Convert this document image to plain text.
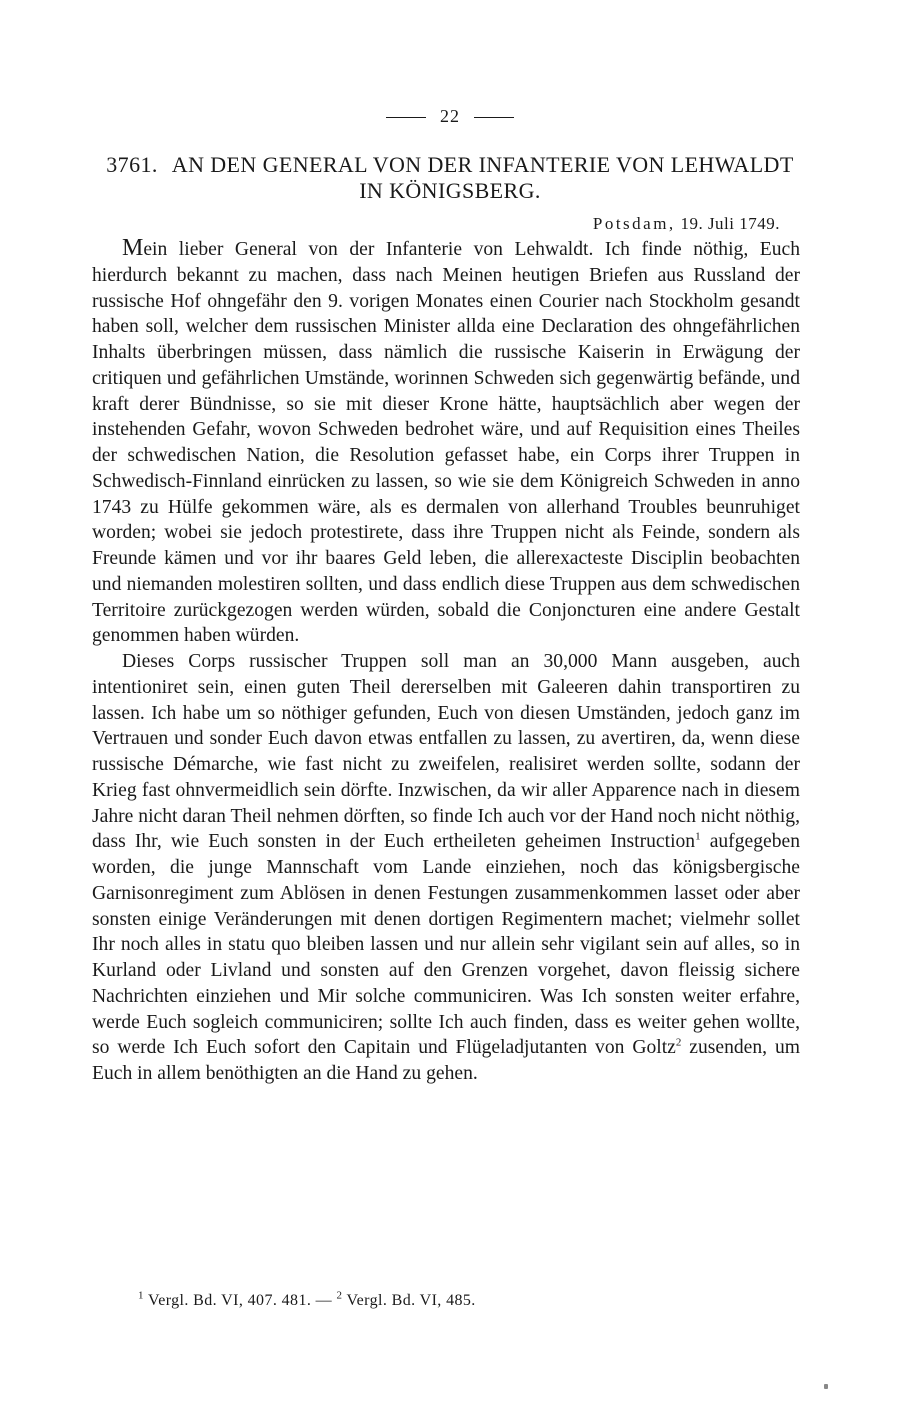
22
3761. AN DEN GENERAL VON DER INFANTERIE VON LEHWALDT IN KÖNIGSBERG.
Potsdam, 19. Juli 1749.

Mein lieber General von der Infanterie von Lehwaldt. Ich finde nöthig, Euch hierdurch bekannt zu machen, dass nach Meinen heutigen Briefen aus Russland der russische Hof ohngefähr den 9. vorigen Monates einen Courier nach Stockholm gesandt haben soll, welcher dem russischen Minister allda eine Declaration des ohngefährlichen Inhalts überbringen müssen, dass nämlich die russische Kaiserin in Erwägung der critiquen und gefährlichen Umstände, worinnen Schweden sich gegenwärtig befände, und kraft derer Bündnisse, so sie mit dieser Krone hätte, hauptsächlich aber wegen der instehenden Gefahr, wovon Schweden bedrohet wäre, und auf Requisition eines Theiles der schwedischen Nation, die Resolution gefasset habe, ein Corps ihrer Truppen in Schwedisch-Finnland einrücken zu lassen, so wie sie dem Königreich Schweden in anno 1743 zu Hülfe gekommen wäre, als es dermalen von allerhand Troubles beunruhiget worden; wobei sie jedoch protestirete, dass ihre Truppen nicht als Feinde, sondern als Freunde kämen und vor ihr baares Geld leben, die allerexacteste Disciplin beobachten und niemanden molestiren sollten, und dass endlich diese Truppen aus dem schwedischen Territoire zurückgezogen werden würden, sobald die Conjoncturen eine andere Gestalt genommen haben würden.

Dieses Corps russischer Truppen soll man an 30,000 Mann ausgeben, auch intentioniret sein, einen guten Theil dererselben mit Galeeren dahin transportiren zu lassen. Ich habe um so nöthiger gefunden, Euch von diesen Umständen, jedoch ganz im Vertrauen und sonder Euch davon etwas entfallen zu lassen, zu avertiren, da, wenn diese russische Démarche, wie fast nicht zu zweifelen, realisiret werden sollte, sodann der Krieg fast ohnvermeidlich sein dörfte. Inzwischen, da wir aller Apparence nach in diesem Jahre nicht daran Theil nehmen dörften, so finde Ich auch vor der Hand noch nicht nöthig, dass Ihr, wie Euch sonsten in der Euch ertheileten geheimen Instruction$^1$ aufgegeben worden, die junge Mannschaft vom Lande einziehen, noch das königsbergische Garnisonregiment zum Ablösen in denen Festungen zusammenkommen lasset oder aber sonsten einige Veränderungen mit denen dortigen Regimentern machet; vielmehr sollet Ihr noch alles in statu quo bleiben lassen und nur allein sehr vigilant sein auf alles, so in Kurland oder Livland und sonsten auf den Grenzen vorgehet, davon fleissig sichere Nachrichten einziehen und Mir solche communiciren. Was Ich sonsten weiter erfahre, werde Euch sogleich communiciren; sollte Ich auch finden, dass es weiter gehen wollte, so werde Ich Euch sofort den Capitain und Flügeladjutanten von Goltz$^2$ zusenden, um Euch in allem benöthigten an die Hand zu gehen.

$^1$ Vergl. Bd. VI, 407. 481. — $^2$ Vergl. Bd. VI, 485.
